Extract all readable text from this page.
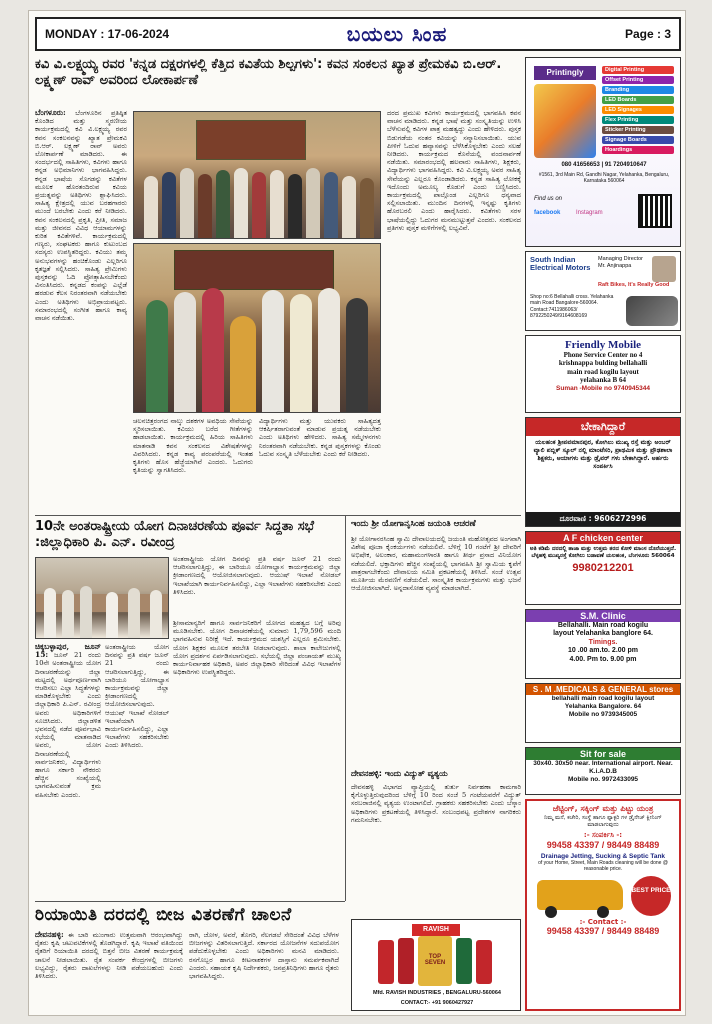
MONDAY : 17-06-2024	ಬಯಲು ಸಿಂಹ	Page : 3
ಕವಿ ವಿ.ಲಕ್ಷ್ಮಯ್ಯ ರವರ 'ಕನ್ನಡ ದಕ್ಷರಗಳಲ್ಲಿ ಕೆತ್ತಿದ ಕವಿತೆಯ ಶಿಲ್ಪಗಳು': ಕವನ ಸಂಕಲನ ಖ್ಯಾತ ಪ್ರೇಮಕವಿ ಬಿ.ಆರ್. ಲಕ್ಷ್ಮಣ್ ರಾವ್ ಅವರಿಂದ ಲೋಕಾರ್ಪಣೆ
ಬೆಂಗಳೂರು: ಬೆಂಗಳೂರಿನ ಪ್ರತಿಷ್ಠಿತ ಕೊಂಡಿದ ಮತ್ತು ಸ್ಮರಣೀಯ ಕಾರ್ಯಕ್ರಮದಲ್ಲಿ ಕವಿ ವಿ.ಲಕ್ಷ್ಮಯ್ಯ ರವರ ಕವನ ಸಂಕಲನವನ್ನು ಖ್ಯಾತ ಪ್ರೇಮಕವಿ ಬಿ.ಆರ್. ಲಕ್ಷ್ಮಣ್ ರಾವ್ ಅವರು ಲೋಕಾರ್ಪಣೆ ಮಾಡಿದರು. ಈ ಸಂದರ್ಭದಲ್ಲಿ ಸಾಹಿತಿಗಳು, ಕವಿಗಳು ಹಾಗೂ ಕನ್ನಡ ಅಭಿಮಾನಿಗಳು ಭಾಗವಹಿಸಿದ್ದರು. ಕನ್ನಡ ಭಾಷೆಯ ಸೊಗಡನ್ನು ಕವಿತೆಗಳ ಮೂಲಕ ಹೊರತಂದಿರುವ ಕವಿಯ ಪ್ರಯತ್ನವನ್ನು ಅತಿಥಿಗಳು ಶ್ಲಾಘಿಸಿದರು. ಸಾಹಿತ್ಯ ಕ್ಷೇತ್ರದಲ್ಲಿ ಯುವ ಬರಹಗಾರರು ಮುಂದೆ ಬರಬೇಕು ಎಂದು ಕರೆ ನೀಡಿದರು. ಕವನ ಸಂಕಲನದಲ್ಲಿ ಪ್ರಕೃತಿ, ಪ್ರೀತಿ, ಸಮಾಜ ಮತ್ತು ಜೀವನದ ವಿವಿಧ ಆಯಾಮಗಳನ್ನು ಕುರಿತ ಕವಿತೆಗಳಿವೆ. ಕಾರ್ಯಕ್ರಮದಲ್ಲಿ ಗಣ್ಯರು, ಸಂಘಟಕರು ಹಾಗೂ ಕುಟುಂಬದ ಸದಸ್ಯರು ಉಪಸ್ಥಿತರಿದ್ದರು. ಕವಿಯು ತಮ್ಮ ಅನುಭವಗಳನ್ನು ಹಂಚಿಕೊಂಡು ಎಲ್ಲರಿಗೂ ಕೃತಜ್ಞತೆ ಸಲ್ಲಿಸಿದರು. ಸಾಹಿತ್ಯ ಪ್ರೇಮಿಗಳು ಪುಸ್ತಕವನ್ನು ಓದಿ ಪ್ರೋತ್ಸಾಹಿಸಬೇಕೆಂದು ವಿನಂತಿಸಿದರು. ಕನ್ನಡದ ಕಂಪನ್ನು ಎಲ್ಲೆಡೆ ಹರಡುವ ಕೆಲಸ ನಿರಂತರವಾಗಿ ನಡೆಯಬೇಕು ಎಂದು ಅತಿಥಿಗಳು ಅಭಿಪ್ರಾಯಪಟ್ಟರು. ಸಮಾರಂಭದಲ್ಲಿ ಸಂಗೀತ ಹಾಗೂ ಕಾವ್ಯ ವಾಚನ ನಡೆಯಿತು.
ದರದ ಪ್ರಮುಖ ಕವಿಗಳು ಕಾರ್ಯಕ್ರಮದಲ್ಲಿ ಭಾಗವಹಿಸಿ ಕವನ ವಾಚನ ಮಾಡಿದರು. ಕನ್ನಡ ಭಾಷೆ ಮತ್ತು ಸಂಸ್ಕೃತಿಯನ್ನು ಉಳಿಸಿ ಬೆಳೆಸುವಲ್ಲಿ ಕವಿಗಳ ಪಾತ್ರ ಮಹತ್ವದ್ದು ಎಂದು ಹೇಳಿದರು. ಪುಸ್ತಕ ಬಿಡುಗಡೆಯ ನಂತರ ಕವಿಯನ್ನು ಸನ್ಮಾನಿಸಲಾಯಿತು. ಯುವ ಪೀಳಿಗೆ ಓದುವ ಹವ್ಯಾಸವನ್ನು ಬೆಳೆಸಿಕೊಳ್ಳಬೇಕು ಎಂದು ಸಲಹೆ ನೀಡಿದರು. ಕಾರ್ಯಕ್ರಮದ ಕೊನೆಯಲ್ಲಿ ವಂದನಾರ್ಪಣೆ ನಡೆಯಿತು. ಸಮಾರಂಭದಲ್ಲಿ ಹಲವಾರು ಸಾಹಿತಿಗಳು, ಶಿಕ್ಷಕರು, ವಿದ್ಯಾರ್ಥಿಗಳು ಭಾಗವಹಿಸಿದ್ದರು. ಕವಿ ವಿ.ಲಕ್ಷ್ಮಯ್ಯ ಅವರ ಸಾಹಿತ್ಯ ಸೇವೆಯನ್ನು ಎಲ್ಲರೂ ಕೊಂಡಾಡಿದರು. ಕನ್ನಡ ಸಾಹಿತ್ಯ ಲೋಕಕ್ಕೆ ಇದೊಂದು ಅಮೂಲ್ಯ ಕೊಡುಗೆ ಎಂದು ಬಣ್ಣಿಸಿದರು. ಕಾರ್ಯಕ್ರಮದಲ್ಲಿ ಪಾಲ್ಗೊಂಡ ಎಲ್ಲರಿಗೂ ಧನ್ಯವಾದ ಸಲ್ಲಿಸಲಾಯಿತು. ಮುಂದಿನ ದಿನಗಳಲ್ಲಿ ಇನ್ನಷ್ಟು ಕೃತಿಗಳು ಹೊರಬರಲಿ ಎಂದು ಹಾರೈಸಿದರು. ಕವಿತೆಗಳು ಸರಳ ಭಾಷೆಯಲ್ಲಿದ್ದು ಓದುಗರ ಮನಮುಟ್ಟುತ್ತವೆ ಎಂದರು. ಸಂಕಲನದ ಪ್ರತಿಗಳು ಪುಸ್ತಕ ಮಳಿಗೆಗಳಲ್ಲಿ ಲಭ್ಯವಿವೆ.
ಚಲನಚಿತ್ರರಂಗದ ನಾಲ್ಕು ದಶಕಗಳ ಅವಧಿಯ ಸೇವೆಯನ್ನು ಸ್ಮರಿಸಲಾಯಿತು. ಕವಿಯು ಬರೆದ ಗೀತೆಗಳನ್ನು ಹಾಡಲಾಯಿತು. ಕಾರ್ಯಕ್ರಮದಲ್ಲಿ ಹಿರಿಯ ಸಾಹಿತಿಗಳು ಮಾತನಾಡಿ ಕವನ ಸಂಕಲನದ ವಿಶೇಷತೆಗಳನ್ನು ವಿವರಿಸಿದರು. ಕನ್ನಡ ಕಾವ್ಯ ಪರಂಪರೆಯಲ್ಲಿ ಇಂತಹ ಕೃತಿಗಳು ಹೊಸ ಹೆಜ್ಜೆಯಾಗಿವೆ ಎಂದರು. ಓದುಗರು ಕೃತಿಯನ್ನು ಸ್ವಾಗತಿಸಿದರು.
ವಿದ್ಯಾರ್ಥಿಗಳು ಮತ್ತು ಯುವಕರು ಸಾಹಿತ್ಯದತ್ತ ಆಕರ್ಷಿತರಾಗುವಂತೆ ಮಾಡುವ ಪ್ರಯತ್ನ ನಡೆಯಬೇಕು ಎಂದು ಅತಿಥಿಗಳು ಹೇಳಿದರು. ಸಾಹಿತ್ಯ ಸಮ್ಮೇಳನಗಳು ನಿರಂತರವಾಗಿ ನಡೆಯಬೇಕು. ಕನ್ನಡ ಪುಸ್ತಕಗಳನ್ನು ಕೊಂಡು ಓದುವ ಸಂಸ್ಕೃತಿ ಬೆಳೆಯಬೇಕು ಎಂದು ಕರೆ ನೀಡಿದರು.
10ನೇ ಅಂತರಾಷ್ಟ್ರೀಯ ಯೋಗ ದಿನಾಚರಣೆಯ ಪೂರ್ವ ಸಿದ್ದತಾ ಸಭೆ :ಜಿಲ್ಲಾಧಿಕಾರಿ ಪಿ. ಎನ್. ರವೀಂದ್ರ
ಚಿಕ್ಕಬಳ್ಳಾಪುರ, ಜೂನ್ 15: ಜೂನ್ 21 ರಂದು 10ನೇ ಅಂತರಾಷ್ಟ್ರೀಯ ಯೋಗ ದಿನಾಚರಣೆಯನ್ನು ಜಿಲ್ಲಾ ಮಟ್ಟದಲ್ಲಿ ಅರ್ಥಪೂರ್ಣವಾಗಿ ಆಚರಿಸಲು ಎಲ್ಲಾ ಸಿದ್ಧತೆಗಳನ್ನು ಮಾಡಿಕೊಳ್ಳಬೇಕು ಎಂದು ಜಿಲ್ಲಾಧಿಕಾರಿ ಪಿ.ಎನ್. ರವೀಂದ್ರ ಅವರು ಅಧಿಕಾರಿಗಳಿಗೆ ಸೂಚಿಸಿದರು. ಜಿಲ್ಲಾಡಳಿತ ಭವನದಲ್ಲಿ ನಡೆದ ಪೂರ್ವಭಾವಿ ಸಭೆಯಲ್ಲಿ ಮಾತನಾಡಿದ ಅವರು, ಯೋಗ ದಿನಾಚರಣೆಯಲ್ಲಿ ಸಾರ್ವಜನಿಕರು, ವಿದ್ಯಾರ್ಥಿಗಳು ಹಾಗೂ ಸರ್ಕಾರಿ ನೌಕರರು ಹೆಚ್ಚಿನ ಸಂಖ್ಯೆಯಲ್ಲಿ ಭಾಗವಹಿಸುವಂತೆ ಕ್ರಮ ವಹಿಸಬೇಕು ಎಂದರು.
ಅಂತರಾಷ್ಟ್ರೀಯ ಯೋಗ ದಿನವನ್ನು ಪ್ರತಿ ವರ್ಷ ಜೂನ್ 21 ರಂದು ಆಚರಿಸಲಾಗುತ್ತಿದ್ದು, ಈ ಬಾರಿಯೂ ಯೋಗಾಭ್ಯಾಸ ಕಾರ್ಯಕ್ರಮವನ್ನು ಜಿಲ್ಲಾ ಕ್ರೀಡಾಂಗಣದಲ್ಲಿ ಆಯೋಜಿಸಲಾಗುವುದು. ಆಯುಷ್ ಇಲಾಖೆ ನೋಡಲ್ ಇಲಾಖೆಯಾಗಿ ಕಾರ್ಯನಿರ್ವಹಿಸಲಿದ್ದು, ಎಲ್ಲಾ ಇಲಾಖೆಗಳು ಸಹಕರಿಸಬೇಕು ಎಂದು ತಿಳಿಸಿದರು.
ಶ್ರೀಸಾಮಾನ್ಯರಿಗೆ ಹಾಗೂ ಸಾರ್ವಜನಿಕರಿಗೆ ಯೋಗದ ಮಹತ್ವದ ಬಗ್ಗೆ ಅರಿವು ಮೂಡಿಸಬೇಕು. ಯೋಗ ದಿನಾಚರಣೆಯಲ್ಲಿ ಸುಮಾರು 1,79,596 ಮಂದಿ ಭಾಗವಹಿಸುವ ನಿರೀಕ್ಷೆ ಇದೆ. ಕಾರ್ಯಕ್ರಮದ ಯಶಸ್ಸಿಗೆ ಎಲ್ಲರೂ ಶ್ರಮಿಸಬೇಕು. ಯೋಗ ಶಿಕ್ಷಕರ ಮೂಲಕ ತರಬೇತಿ ನೀಡಲಾಗುವುದು. ಶಾಲಾ ಕಾಲೇಜುಗಳಲ್ಲಿ ಯೋಗ ಪ್ರದರ್ಶನ ಏರ್ಪಡಿಸಲಾಗುವುದು. ಸಭೆಯಲ್ಲಿ ಜಿಲ್ಲಾ ಪಂಚಾಯತ್ ಮುಖ್ಯ ಕಾರ್ಯನಿರ್ವಾಹಕ ಅಧಿಕಾರಿ, ಅಪರ ಜಿಲ್ಲಾಧಿಕಾರಿ ಸೇರಿದಂತೆ ವಿವಿಧ ಇಲಾಖೆಗಳ ಅಧಿಕಾರಿಗಳು ಉಪಸ್ಥಿತರಿದ್ದರು.
ಅಂತರಾಷ್ಟ್ರೀಯ ಯೋಗ ದಿನವನ್ನು ಪ್ರತಿ ವರ್ಷ ಜೂನ್ 21 ರಂದು ಆಚರಿಸಲಾಗುತ್ತಿದ್ದು, ಈ ಬಾರಿಯೂ ಯೋಗಾಭ್ಯಾಸ ಕಾರ್ಯಕ್ರಮವನ್ನು ಜಿಲ್ಲಾ ಕ್ರೀಡಾಂಗಣದಲ್ಲಿ ಆಯೋಜಿಸಲಾಗುವುದು. ಆಯುಷ್ ಇಲಾಖೆ ನೋಡಲ್ ಇಲಾಖೆಯಾಗಿ ಕಾರ್ಯನಿರ್ವಹಿಸಲಿದ್ದು, ಎಲ್ಲಾ ಇಲಾಖೆಗಳು ಸಹಕರಿಸಬೇಕು ಎಂದು ತಿಳಿಸಿದರು.
ರಿಯಾಯಿತಿ ದರದಲ್ಲಿ ಬೀಜ ವಿತರಣೆಗೆ ಚಾಲನೆ
ದೇವನಹಳ್ಳಿ: ಈ ಬಾರಿ ಮುಂಗಾರು ಉತ್ತಮವಾಗಿ ಆರಂಭವಾಗಿದ್ದು ರೈತರು ಕೃಷಿ ಚಟುವಟಿಕೆಗಳಲ್ಲಿ ತೊಡಗಿದ್ದಾರೆ. ಕೃಷಿ ಇಲಾಖೆ ವತಿಯಿಂದ ರೈತರಿಗೆ ರಿಯಾಯಿತಿ ದರದಲ್ಲಿ ಬಿತ್ತನೆ ಬೀಜ ವಿತರಣೆ ಕಾರ್ಯಕ್ರಮಕ್ಕೆ ಚಾಲನೆ ನೀಡಲಾಯಿತು. ರೈತ ಸಂಪರ್ಕ ಕೇಂದ್ರಗಳಲ್ಲಿ ಬೀಜಗಳು ಲಭ್ಯವಿದ್ದು, ರೈತರು ದಾಖಲೆಗಳನ್ನು ನೀಡಿ ಪಡೆಯಬಹುದು ಎಂದು ತಿಳಿಸಿದರು.
ರಾಗಿ, ಜೋಳ, ಅವರೆ, ತೊಗರಿ, ನೆಲಗಡಲೆ ಸೇರಿದಂತೆ ವಿವಿಧ ಬೆಳೆಗಳ ಬೀಜಗಳನ್ನು ವಿತರಿಸಲಾಗುತ್ತಿದೆ. ಸರ್ಕಾರದ ಯೋಜನೆಗಳ ಸದುಪಯೋಗ ಪಡೆದುಕೊಳ್ಳಬೇಕು ಎಂದು ಅಧಿಕಾರಿಗಳು ಮನವಿ ಮಾಡಿದರು. ರಸಗೊಬ್ಬರ ಹಾಗೂ ಕೀಟನಾಶಕಗಳ ದಾಸ್ತಾನು ಸಮರ್ಪಕವಾಗಿದೆ ಎಂದರು. ಸಹಾಯಕ ಕೃಷಿ ನಿರ್ದೇಶಕರು, ಜನಪ್ರತಿನಿಧಿಗಳು ಹಾಗೂ ರೈತರು ಭಾಗವಹಿಸಿದ್ದರು.
ಇಂದು ಶ್ರೀ ಯೋಗಾನೃಸಿಂಹ ಜಯಂತಿ ಆಚರಣೆ
ಶ್ರೀ ಯೋಗಾನರಸಿಂಹ ಸ್ವಾಮಿ ದೇವಾಲಯದಲ್ಲಿ ಜಯಂತಿ ಮಹೋತ್ಸವದ ಅಂಗವಾಗಿ ವಿಶೇಷ ಪೂಜಾ ಕೈಂಕರ್ಯಗಳು ನಡೆಯಲಿವೆ. ಬೆಳಿಗ್ಗೆ 10 ಗಂಟೆಗೆ ಶ್ರೀ ದೇವರಿಗೆ ಅಭಿಷೇಕ, ಅಲಂಕಾರ, ಮಹಾಮಂಗಳಾರತಿ ಹಾಗೂ ತೀರ್ಥ ಪ್ರಸಾದ ವಿನಿಯೋಗ ನಡೆಯಲಿದೆ. ಭಕ್ತಾದಿಗಳು ಹೆಚ್ಚಿನ ಸಂಖ್ಯೆಯಲ್ಲಿ ಭಾಗವಹಿಸಿ ಶ್ರೀ ಸ್ವಾಮಿಯ ಕೃಪೆಗೆ ಪಾತ್ರರಾಗಬೇಕೆಂದು ದೇವಾಲಯ ಸಮಿತಿ ಪ್ರಕಟಣೆಯಲ್ಲಿ ತಿಳಿಸಿದೆ. ಸಂಜೆ ಉತ್ಸವ ಮೂರ್ತಿಯ ಮೆರವಣಿಗೆ ನಡೆಯಲಿದೆ. ಸಾಂಸ್ಕೃತಿಕ ಕಾರ್ಯಕ್ರಮಗಳು ಮತ್ತು ಭಜನೆ ಆಯೋಜಿಸಲಾಗಿದೆ. ಅನ್ನದಾಸೋಹ ವ್ಯವಸ್ಥೆ ಮಾಡಲಾಗಿದೆ.
ದೇವನಹಳ್ಳಿ: ಇಂದು ವಿದ್ಯುತ್ ವ್ಯತ್ಯಯ
ದೇವನಹಳ್ಳಿ ವಿಭಾಗದ ವ್ಯಾಪ್ತಿಯಲ್ಲಿ ತುರ್ತು ನಿರ್ವಹಣಾ ಕಾಮಗಾರಿ ಕೈಗೊಳ್ಳುತ್ತಿರುವುದರಿಂದ ಬೆಳಿಗ್ಗೆ 10 ರಿಂದ ಸಂಜೆ 5 ಗಂಟೆಯವರೆಗೆ ವಿದ್ಯುತ್ ಸರಬರಾಜಿನಲ್ಲಿ ವ್ಯತ್ಯಯ ಉಂಟಾಗಲಿದೆ. ಗ್ರಾಹಕರು ಸಹಕರಿಸಬೇಕು ಎಂದು ಬೆಸ್ಕಾಂ ಅಧಿಕಾರಿಗಳು ಪ್ರಕಟಣೆಯಲ್ಲಿ ತಿಳಿಸಿದ್ದಾರೆ. ಸಂಬಂಧಪಟ್ಟ ಪ್ರದೇಶಗಳ ನಾಗರಿಕರು ಗಮನಿಸಬೇಕು.
RAVISH
TOP SEVEN
Mfd. RAVISH INDUSTRIES , BENGALURU-560064
CONTACT:- +91 9060427927
Printingly	Digital Printing
Offset Printing
Branding
LED Boards
LED Signages
Flex Printing
Sticker Printing
Signage Boards
Hoardings
080 41656653 | 91 7204910647
#1561, 3rd Main Rd, Gandhi Nagar, Yelahanka, Bengaluru, Karnataka 560064
Find us on
facebook	Instagram
South Indian Electrical Motors
Managing Director Mr. Anjinappa
Raft Bikes, It's Really Good
Shop no:6 Bellahalli cross. Yelahanka main Road Bangalore-560064. Contact:7411986063/ 8792250249/9164608169
Friendly Mobile
Phone Service Center no 4
krishnappa bulding bellahalli
main road kogilu layout
yelahanka B 64
Suman -Mobile no 9740945344
ಬೇಕಾಗಿದ್ದಾರೆ
ಯಲಹಂಕ ಶ್ರೀಪವಮಾನಪುರ, ಕೋಗಿಲು ಮುಖ್ಯ ರಸ್ತೆ ಮತ್ತು ಅಂಬರ್ ವ್ಯಾಲಿ ಪಬ್ಲಿಕ್ ಸ್ಕೂಲ್ ನಲ್ಲಿ ಮಾಂಟೆಸರಿ, ಪ್ರಾಥಮಿಕ ಮತ್ತು ಪ್ರೌಢಶಾಲಾ ಶಿಕ್ಷಕರು, ಆಯಾಗಳು ಮತ್ತು ಡ್ರೈವರ್ ಗಳು ಬೇಕಾಗಿದ್ದಾರೆ. ಅರ್ಹರು ಸಂಪರ್ಕಿಸಿ
ದೂರವಾಣಿ : 9606272996
A F chicken center
ಅತಿ ಕಡಿಮೆ ದರದಲ್ಲಿ ತಾಜಾ ಮತ್ತು ಉತ್ತಮ ತರದ ಕೋಳಿ ಮಾಂಸ ದೊರೆಯುತ್ತದೆ. ಬೆಳ್ಳಹಳ್ಳಿ ಮುಖ್ಯರಸ್ತೆ ಕೋಗಿಲು ಬಡಾವಣೆ ಯಲಹಂಕ, ಬೆಂಗಳೂರು 560064
9980212201
S.M. Clinic
Bellahalli. Main road kogilu
layout Yelahanka banglore 64.
Timings.
10 .00 am.to. 2.00 pm
4.00. Pm to. 9.00 pm
S . M .MEDICALS & GENERAL stores
bellahalli main road kogilu layout
Yelahanka Bangalore. 64
Mobile no 9739345005
Sit for sale
30x40. 30x50 near. International airport. Near. K.i.A.D.B
Mobile no. 9972433095
ಜೆಟ್ಟಿಂಗ್, ಸಕ್ಕಿಂಗ್ ಮತ್ತು ಪಿಟ್ಟು ಯಂತ್ರ
ನಿಮ್ಮ ಮನೆ, ಕಚೇರಿ, ಸಂಸ್ಥೆ ಹಾಗೂ ಫ್ಯಾಕ್ಟರಿ ಗಳ ಡ್ರೈನೇಜ್ ಕ್ಲೀನಿಂಗ್ ಮಾಡಲಾಗುವುದು
:- ಸಂಪರ್ಕಿಸಿ -:
99458 43397 / 98449 88489
Drainage Jetting, Sucking & Septic Tank
of your Home, Street, Main Roads cleaning will be done @ reasonable price.
BEST PRICE
:- Contact :-
99458 43397 / 98449 88489
